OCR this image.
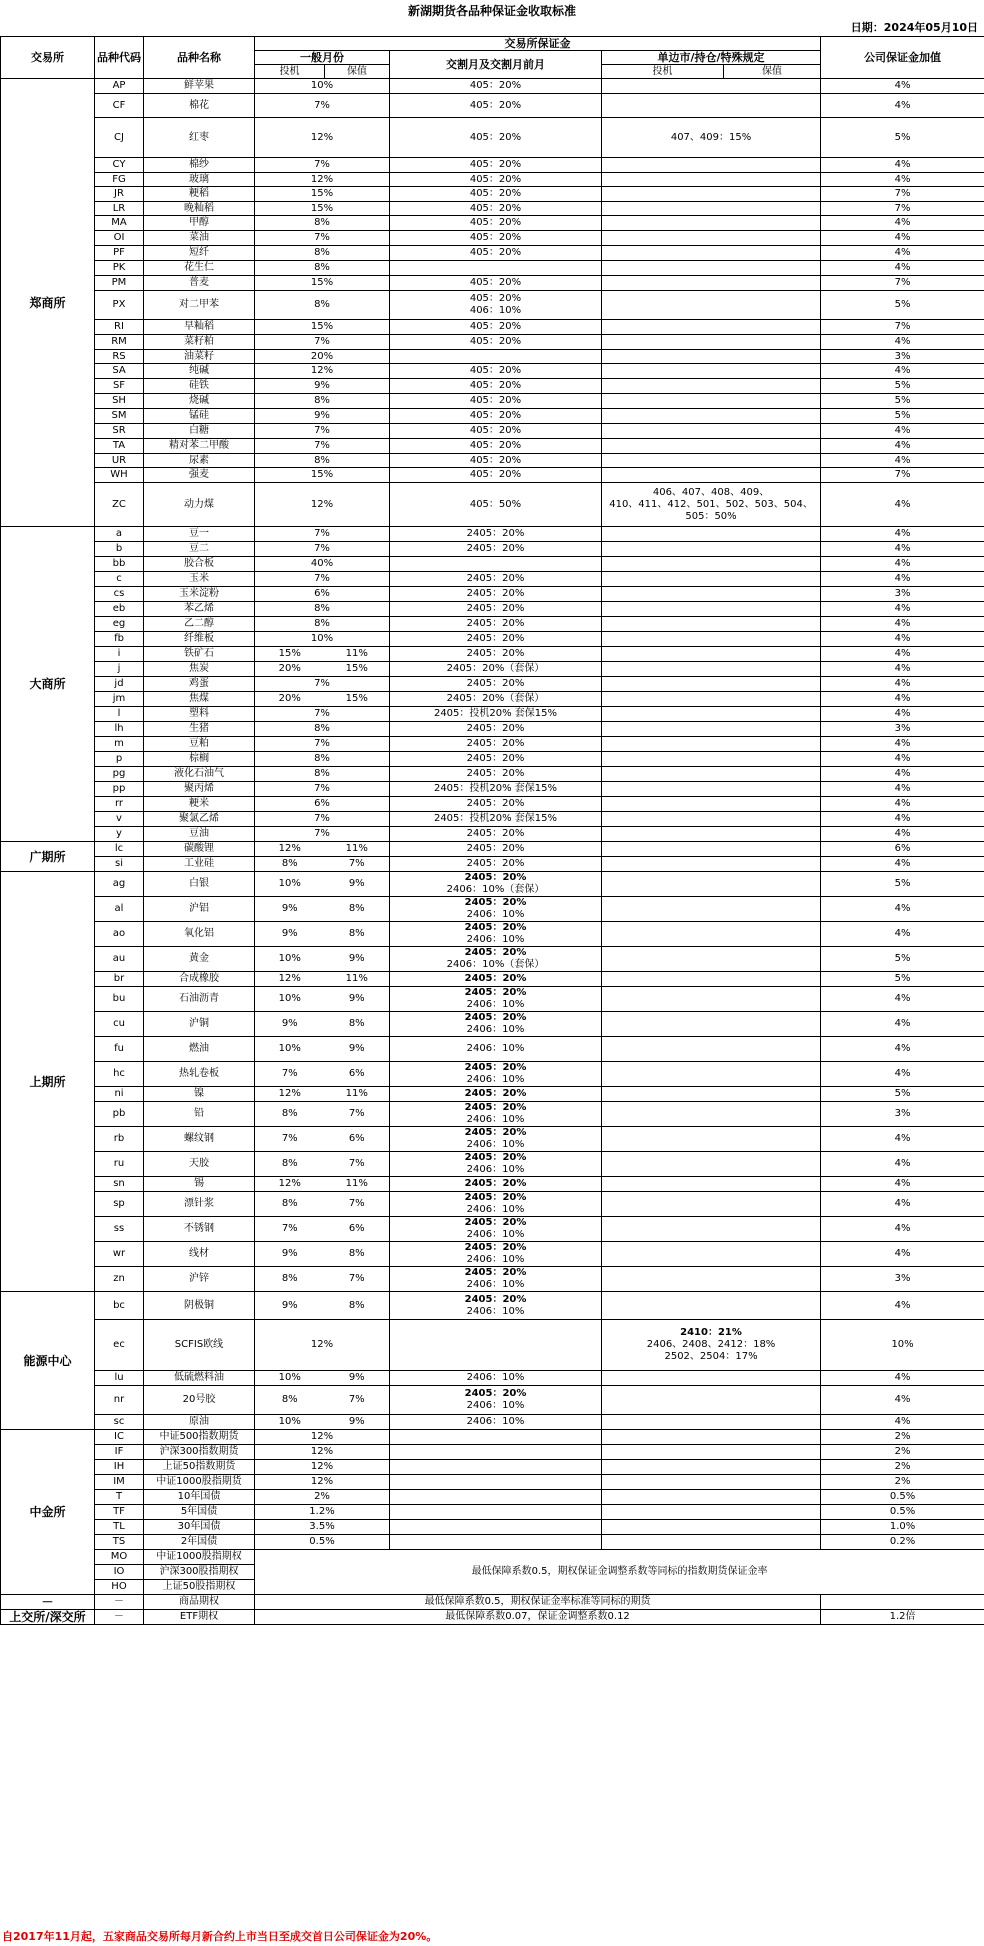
新湖期货各品种保证金收取标准
日期：2024年05月10日
交易所	品种代码	品种名称	交易所保证金					公司保证金加值
			一般月份		交割月及交割月前月	单边市/持仓/特殊规定		
			投机	保值		投机	保值	
郑商所	AP	鲜苹果	10%		405：20%			4%
	CF	棉花	7%		405：20%			4%
	CJ	红枣	12%		405：20%	407、409：15%		5%
	CY	棉纱	7%		405：20%			4%
	FG	玻璃	12%		405：20%			4%
	JR	粳稻	15%		405：20%			7%
	LR	晚籼稻	15%		405：20%			7%
	MA	甲醇	8%		405：20%			4%
	OI	菜油	7%		405：20%			4%
	PF	短纤	8%		405：20%			4%
	PK	花生仁	8%					4%
	PM	普麦	15%		405：20%			7%
	PX	对二甲苯	8%		405：20%
406：10%			5%
	RI	早籼稻	15%		405：20%			7%
	RM	菜籽粕	7%		405：20%			4%
	RS	油菜籽	20%					3%
	SA	纯碱	12%		405：20%			4%
	SF	硅铁	9%		405：20%			5%
	SH	烧碱	8%		405：20%			5%
	SM	锰硅	9%		405：20%			5%
	SR	白糖	7%		405：20%			4%
	TA	精对苯二甲酸	7%		405：20%			4%
	UR	尿素	8%		405：20%			4%
	WH	强麦	15%		405：20%			7%
	ZC	动力煤	12%		405：50%	406、407、408、409、
410、411、412、501、502、503、504、
505：50%		4%
大商所	a	豆一	7%		2405：20%			4%
	b	豆二	7%		2405：20%			4%
	bb	胶合板	40%					4%
	c	玉米	7%		2405：20%			4%
	cs	玉米淀粉	6%		2405：20%			3%
	eb	苯乙烯	8%		2405：20%			4%
	eg	乙二醇	8%		2405：20%			4%
	fb	纤维板	10%		2405：20%			4%
	i	铁矿石	15%	11%	2405：20%			4%
	j	焦炭	20%	15%	2405：20%（套保）			4%
	jd	鸡蛋	7%		2405：20%			4%
	jm	焦煤	20%	15%	2405：20%（套保）			4%
	l	塑料	7%		2405：投机20% 套保15%			4%
	lh	生猪	8%		2405：20%			3%
	m	豆粕	7%		2405：20%			4%
	p	棕榈	8%		2405：20%			4%
	pg	液化石油气	8%		2405：20%			4%
	pp	聚丙烯	7%		2405：投机20% 套保15%			4%
	rr	粳米	6%		2405：20%			4%
	v	聚氯乙烯	7%		2405：投机20% 套保15%			4%
	y	豆油	7%		2405：20%			4%
广期所	lc	碳酸锂	12%	11%	2405：20%			6%
	si	工业硅	8%	7%	2405：20%			4%
上期所	ag	白银	10%	9%	2405：20%
2406：10%（套保）			5%
	al	沪铝	9%	8%	2405：20%
2406：10%			4%
	ao	氧化铝	9%	8%	2405：20%
2406：10%			4%
	au	黄金	10%	9%	2405：20%
2406：10%（套保）			5%
	br	合成橡胶	12%	11%	2405：20%			5%
	bu	石油沥青	10%	9%	2405：20%
2406：10%			4%
	cu	沪铜	9%	8%	2405：20%
2406：10%			4%
	fu	燃油	10%	9%	2406：10%			4%
	hc	热轧卷板	7%	6%	2405：20%
2406：10%			4%
	ni	镍	12%	11%	2405：20%			5%
	pb	铅	8%	7%	2405：20%
2406：10%			3%
	rb	螺纹钢	7%	6%	2405：20%
2406：10%			4%
	ru	天胶	8%	7%	2405：20%
2406：10%			4%
	sn	锡	12%	11%	2405：20%			4%
	sp	漂针浆	8%	7%	2405：20%
2406：10%			4%
	ss	不锈钢	7%	6%	2405：20%
2406：10%			4%
	wr	线材	9%	8%	2405：20%
2406：10%			4%
	zn	沪锌	8%	7%	2405：20%
2406：10%			3%
能源中心	bc	阴极铜	9%	8%	2405：20%
2406：10%			4%
	ec	SCFIS欧线	12%			2410：21%
2406、2408、2412：18%
2502、2504：17%		10%
	lu	低硫燃料油	10%	9%	2406：10%			4%
	nr	20号胶	8%	7%	2405：20%
2406：10%			4%
	sc	原油	10%	9%	2406：10%			4%
中金所	IC	中证500指数期货	12%					2%
	IF	沪深300指数期货	12%					2%
	IH	上证50指数期货	12%					2%
	IM	中证1000股指期货	12%					2%
	T	10年国债	2%					0.5%
	TF	5年国债	1.2%					0.5%
	TL	30年国债	3.5%					1.0%
	TS	2年国债	0.5%					0.2%
	MO	中证1000股指期权	最低保障系数0.5，期权保证金调整系数等同标的指数期货保证金率					
	IO	沪深300股指期权						
	HO	上证50股指期权						
－	－	商品期权	最低保障系数0.5，期权保证金率标准等同标的期货					
上交所/深交所	－	ETF期权	最低保障系数0.07，保证金调整系数0.12					1.2倍
自2017年11月起，五家商品交易所每月新合约上市当日至成交首日公司保证金为20%。
